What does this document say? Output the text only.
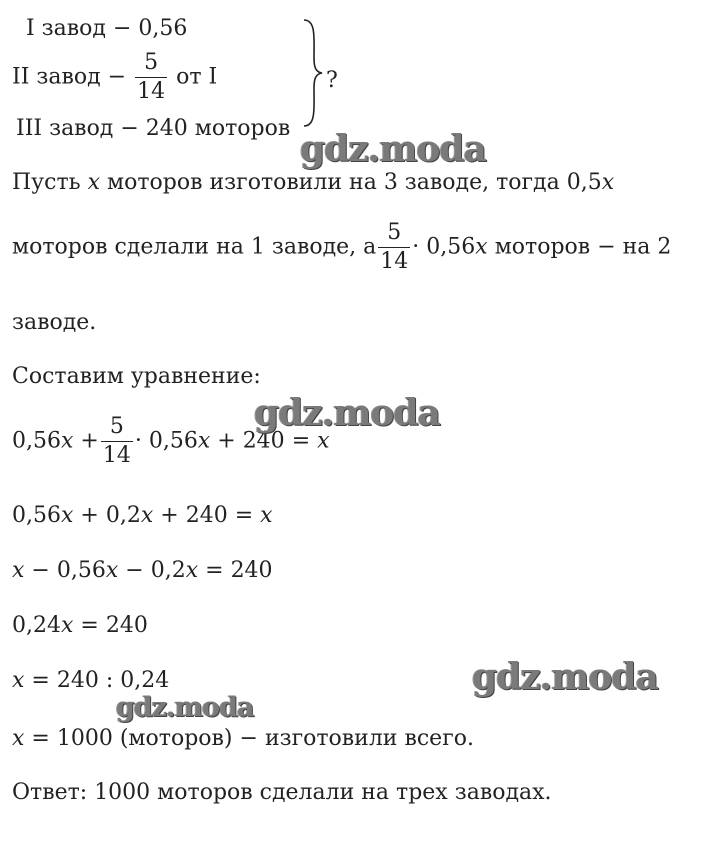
I завод − 0,56
II завод − $\frac{5}{14}$ от I
III завод − 240 моторов
?
Пусть x моторов изготовили на 3 заводе, тогда 0,5x
моторов сделали на 1 заводе, а $\frac{5}{14} \cdot 0,56x$ моторов − на 2
заводе.
Составим уравнение:
$0,56x + \frac{5}{14} \cdot 0,56x + 240 = x$
0,56x + 0,2x + 240 = x
x − 0,56x − 0,2x = 240
0,24x = 240
x = 240 : 0,24
x = 1000 (моторов) − изготовили всего.
Ответ: 1000 моторов сделали на трех заводах.
gdz.moda
gdz.moda
gdz.moda
gdz.moda
